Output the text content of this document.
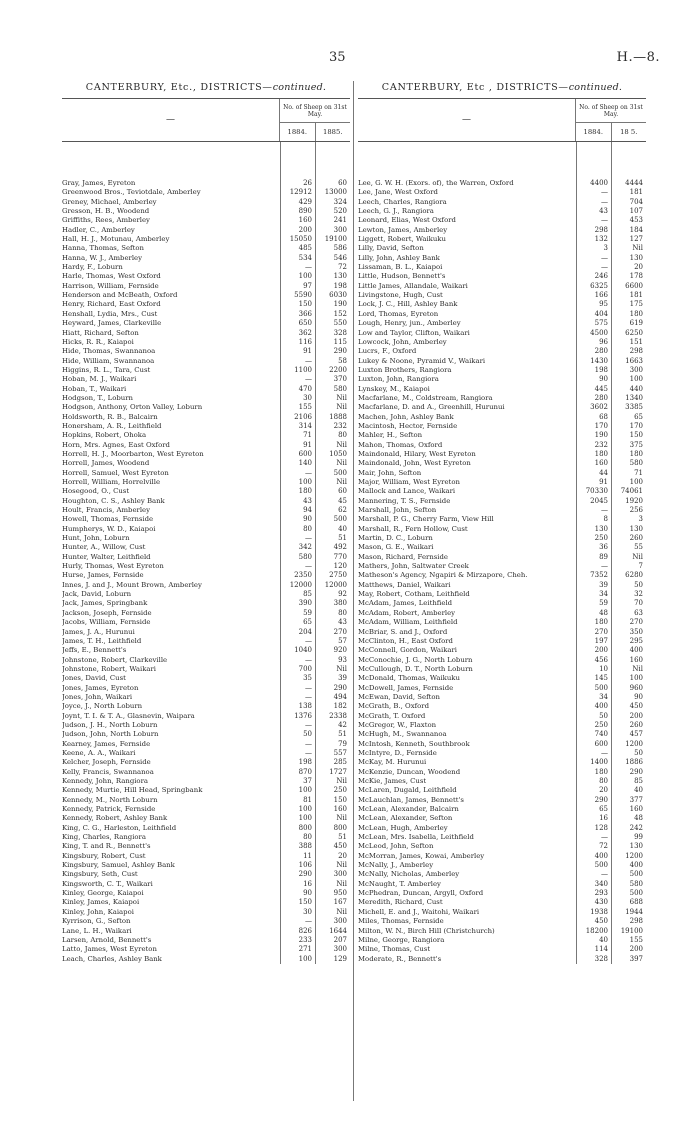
35	H.—8.
CANTERBURY, Etc., DISTRICTS—continued.
—
No. of Sheep on 31st May.
1884.	1885.
Gray, James, Eyreton	26	60
Greenwood Bros., Teviotdale, Amberley	12912	13000
Greney, Michael, Amberley	429	324
Gresson, H. B., Woodend	890	520
Griffiths, Rees, Amberley	160	241
Hadler, C., Amberley	200	300
Hall, H. J., Motunau, Amberley	15050	19100
Hanna, Thomas, Sefton	485	586
Hanna, W. J., Amberley	534	546
Hardy, F., Loburn	—	72
Harle, Thomas, West Oxford	100	130
Harrison, William, Fernside	97	198
Henderson and McBeath, Oxford	5590	6030
Henry, Richard, East Oxford	150	190
Henshall, Lydia, Mrs., Cust	366	152
Heyward, James, Clarkeville	650	550
Hiatt, Richard, Sefton	362	328
Hicks, R. R., Kaiapoi	116	115
Hide, Thomas, Swannanoa	91	290
Hide, William, Swannanoa	—	58
Higgins, R. L., Tara, Cust	1100	2200
Hoban, M. J., Waikari	—	370
Hoban, T., Waikari	470	580
Hodgson, T., Loburn	30	Nil
Hodgson, Anthony, Orton Valley, Loburn	155	Nil
Holdsworth, R. B., Balcairn	2106	1888
Honersham, A. R., Leithfield	314	232
Hopkins, Robert, Ohoka	71	80
Horn, Mrs. Agnes, East Oxford	91	Nil
Horrell, H. J., Moorbarton, West Eyreton	600	1050
Horrell, James, Woodend	140	Nil
Horrell, Samuel, West Eyreton	—	500
Horrell, William, Horrelville	100	Nil
Hosegood, O., Cust	180	60
Houghton, C. S., Ashley Bank	43	45
Hoult, Francis, Amberley	94	62
Howell, Thomas, Fernside	90	500
Humpherys, W. D., Kaiapoi	80	40
Hunt, John, Loburn	—	51
Hunter, A., Willow, Cust	342	492
Hunter, Walter, Leithfield	580	770
Hurly, Thomas, West Eyreton	—	120
Hurse, James, Fernside	2350	2750
Innes, J. and J., Mount Brown, Amberley	12000	12000
Jack, David, Loburn	85	92
Jack, James, Springbank	390	380
Jackson, Joseph, Fernside	59	80
Jacobs, William, Fernside	65	43
James, J. A., Hurunui	204	270
James, T. H., Leithfield	—	57
Jeffs, E., Bennett's	1040	920
Johnstone, Robert, Clarkeville	—	93
Johnstone, Robert, Waikari	700	Nil
Jones, David, Cust	35	39
Jones, James, Eyreton	—	290
Jones, John, Waikari	—	494
Joyce, J., North Loburn	138	182
Joynt, T. I. & T. A., Glasnevin, Waipara	1376	2338
Judson, J. H., North Loburn	—	42
Judson, John, North Loburn	50	51
Kearney, James, Fernside	—	79
Keene, A. A., Waikari	—	557
Kelcher, Joseph, Fernside	198	285
Kelly, Francis, Swannanoa	870	1727
Kennedy, John, Rangiora	37	Nil
Kennedy, Murtie, Hill Head, Springbank	100	250
Kennedy, M., North Loburn	81	150
Kennedy, Patrick, Fernside	100	160
Kennedy, Robert, Ashley Bank	100	Nil
King, C. G., Harleston, Leithfield	800	800
King, Charles, Rangiora	80	51
King, T. and R., Bennett's	388	450
Kingsbury, Robert, Cust	11	20
Kingsbury, Samuel, Ashley Bank	106	Nil
Kingsbury, Seth, Cust	290	300
Kingsworth, C. T., Waikari	16	Nil
Kinley, George, Kaiapoi	90	950
Kinley, James, Kaiapoi	150	167
Kinley, John, Kaiapoi	30	Nil
Kyrrison, G., Sefton	—	300
Lane, L. H., Waikari	826	1644
Larsen, Arnold, Bennett's	233	207
Latto, James, West Eyreton	271	300
Leach, Charles, Ashley Bank	100	129
CANTERBURY, Etc , DISTRICTS—continued.
—
No. of Sheep on 31st May.
1884.	18 5.
Lee, G. W. H. (Exors. of), the Warren, Oxford	4400	4444
Lee, Jane, West Oxford	—	181
Leech, Charles, Rangiora	—	704
Leech, G. J., Rangiora	43	107
Leonard, Elias, West Oxford	—	453
Lewton, James, Amberley	298	184
Liggett, Robert, Waikuku	132	127
Lilly, David, Sefton	3	Nil
Lilly, John, Ashley Bank	—	130
Lissaman, B. L., Kaiapoi	—	20
Little, Hudson, Bennett's	246	178
Little James, Allandale, Waikari	6325	6600
Livingstone, Hugh, Cust	166	181
Lock, J. C., Hill, Ashley Bank	95	175
Lord, Thomas, Eyreton	404	180
Lough, Henry, jun., Amberley	575	619
Low and Taylor, Clifton, Waikari	4500	6250
Lowcock, John, Amberley	96	151
Lucrs, F., Oxford	280	298
Lukey & Noone, Pyramid V., Waikari	1430	1663
Luxton Brothers, Rangiora	198	300
Luxton, John, Rangiora	90	100
Lynskey, M., Kaiapoi	445	440
Macfarlane, M., Coldstream, Rangiora	280	1340
Macfarlane, D. and A., Greenhill, Hurunui	3602	3385
Machen, John, Ashley Bank	68	65
Macintosh, Hector, Fernside	170	170
Mahler, H., Sefton	190	150
Mahon, Thomas, Oxford	232	375
Maindonald, Hilary, West Eyreton	180	180
Maindonald, John, West Eyreton	160	580
Mair, John, Sefton	44	71
Major, William, West Eyreton	91	100
Mallock and Lance, Waikari	70330	74061
Mannering, T. S., Fernside	2045	1920
Marshall, John, Sefton	—	256
Marshall, P. G., Cherry Farm, View Hill	8	3
Marshall, R., Fern Hollow, Cust	130	130
Martin, D. C., Loburn	250	260
Mason, G. E., Waikari	36	55
Mason, Richard, Fernside	89	Nil
Mathers, John, Saltwater Creek	—	7
Matheson's Agency, Ngapiri & Mirzapore, Cheh.	7352	6280
Matthews, Daniel, Waikari	39	50
May, Robert, Cotham, Leithfield	34	32
McAdam, James, Leithfield	59	70
McAdam, Robert, Amberley	48	63
McAdam, William, Leithfield	180	270
McBriar, S. and J., Oxford	270	350
McClinton, H., East Oxford	197	295
McConnell, Gordon, Waikari	200	400
McConochie, J. G., North Loburn	456	160
McCullough, D. T., North Loburn	10	Nil
McDonald, Thomas, Waikuku	145	100
McDowell, James, Fernside	500	960
McEwan, David, Sefton	34	90
McGrath, B., Oxford	400	450
McGrath, T. Oxford	50	200
McGregor, W., Flaxton	250	260
McHugh, M., Swannanoa	740	457
McIntosh, Kenneth, Southbrook	600	1200
McIntyre, D., Fernside	—	50
McKay, M. Hurunui	1400	1886
McKenzie, Duncan, Woodend	180	290
McKie, James, Cust	80	85
McLaren, Dugald, Leithfield	20	40
McLauchlan, James, Bennett's	290	377
McLean, Alexander, Balcairn	65	160
McLean, Alexander, Sefton	16	48
McLean, Hugh, Amberley	128	242
McLean, Mrs. Isabella, Leithfield	—	99
McLeod, John, Sefton	72	130
McMorran, James, Kowai, Amberley	400	1200
McNally, J., Amberley	500	400
McNally, Nicholas, Amberley	—	500
McNaught, T. Amberley	340	580
McPhedran, Duncan, Argyll, Oxford	293	500
Meredith, Richard, Cust	430	688
Michell, E. and J., Waitohi, Waikari	1938	1944
Miles, Thomas, Fernside	450	298
Milton, W. N., Birch Hill (Christchurch)	18200	19100
Milne, George, Rangiora	40	155
Milne, Thomas, Cust	114	200
Moderate, R., Bennett's	328	397
